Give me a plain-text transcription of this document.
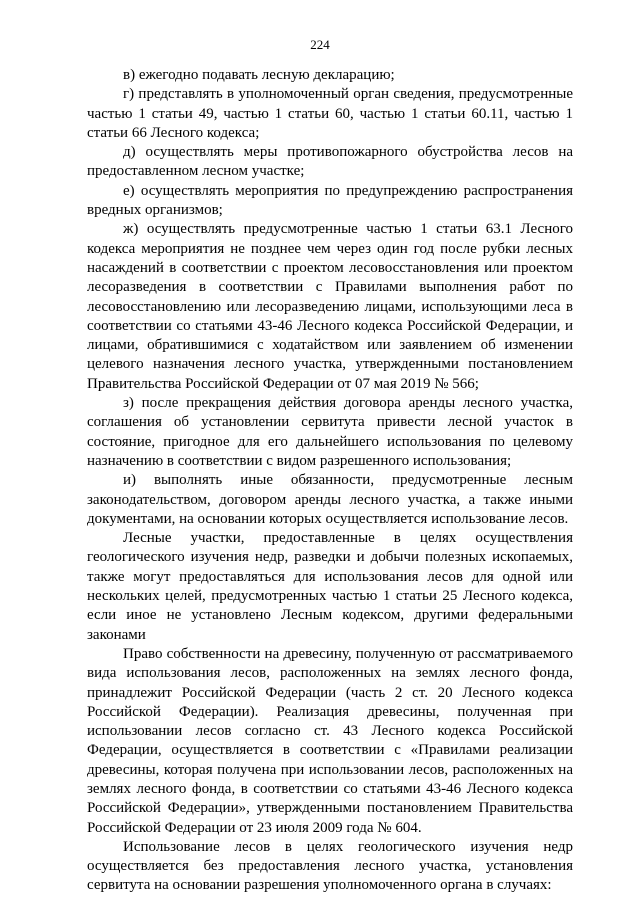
224

в) ежегодно подавать лесную декларацию;

г) представлять в уполномоченный орган сведения, предусмотренные частью 1 статьи 49, частью 1 статьи 60, частью 1 статьи 60.11, частью 1 статьи 66 Лесного кодекса;

д) осуществлять меры противопожарного обустройства лесов на предоставленном лесном участке;

е) осуществлять мероприятия по предупреждению распространения вредных организмов;

ж) осуществлять предусмотренные частью 1 статьи 63.1 Лесного кодекса мероприятия не позднее чем через один год после рубки лесных насаждений в соответствии с проектом лесовосстановления или проектом лесоразведения в соответствии с Правилами выполнения работ по лесовосстановлению или лесоразведению лицами, использующими леса в соответствии со статьями 43-46 Лесного кодекса Российской Федерации, и лицами, обратившимися с ходатайством или заявлением об изменении целевого назначения лесного участка, утвержденными постановлением Правительства Российской Федерации от 07 мая 2019 № 566;

з) после прекращения действия договора аренды лесного участка, соглашения об установлении сервитута привести лесной участок в состояние, пригодное для его дальнейшего использования по целевому назначению в соответствии с видом разрешенного использования;

и) выполнять иные обязанности, предусмотренные лесным законодательством, договором аренды лесного участка, а также иными документами, на основании которых осуществляется использование лесов.

Лесные участки, предоставленные в целях осуществления геологического изучения недр, разведки и добычи полезных ископаемых, также могут предоставляться для использования лесов для одной или нескольких целей, предусмотренных частью 1 статьи 25 Лесного кодекса, если иное не установлено Лесным кодексом, другими федеральными законами

Право собственности на древесину, полученную от рассматриваемого вида использования лесов, расположенных на землях лесного фонда, принадлежит Российской Федерации (часть 2 ст. 20 Лесного кодекса Российской Федерации). Реализация древесины, полученная при использовании лесов согласно ст. 43 Лесного кодекса Российской Федерации, осуществляется в соответствии с «Правилами реализации древесины, которая получена при использовании лесов, расположенных на землях лесного фонда, в соответствии со статьями 43-46 Лесного кодекса Российской Федерации», утвержденными постановлением Правительства Российской Федерации от 23 июля 2009 года № 604.

Использование лесов в целях геологического изучения недр осуществляется без предоставления лесного участка, установления сервитута на основании разрешения уполномоченного органа в случаях:
